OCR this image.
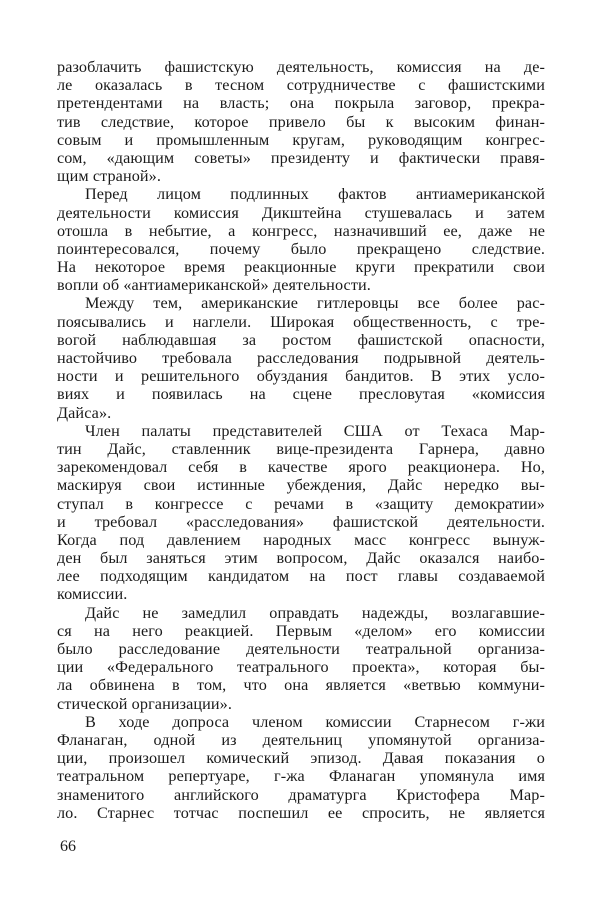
разоблачить фашистскую деятельность, комиссия на де-
ле оказалась в тесном сотрудничестве с фашистскими
претендентами на власть; она покрыла заговор, прекра-
тив следствие, которое привело бы к высоким финан-
совым и промышленным кругам, руководящим конгрес-
сом, «дающим советы» президенту и фактически правя-
щим страной».
Перед лицом подлинных фактов антиамериканской
деятельности комиссия Дикштейна стушевалась и затем
отошла в небытие, а конгресс, назначивший ее, даже не
поинтересовался, почему было прекращено следствие.
На некоторое время реакционные круги прекратили свои
вопли об «антиамериканской» деятельности.
Между тем, американские гитлеровцы все более рас-
поясывались и наглели. Широкая общественность, с тре-
вогой наблюдавшая за ростом фашистской опасности,
настойчиво требовала расследования подрывной деятель-
ности и решительного обуздания бандитов. В этих усло-
виях и появилась на сцене пресловутая «комиссия
Дайса».
Член палаты представителей США от Техаса Мар-
тин Дайс, ставленник вице-президента Гарнера, давно
зарекомендовал себя в качестве ярого реакционера. Но,
маскируя свои истинные убеждения, Дайс нередко вы-
ступал в конгрессе с речами в «защиту демократии»
и требовал «расследования» фашистской деятельности.
Когда под давлением народных масс конгресс вынуж-
ден был заняться этим вопросом, Дайс оказался наибо-
лее подходящим кандидатом на пост главы создаваемой
комиссии.
Дайс не замедлил оправдать надежды, возлагавшие-
ся на него реакцией. Первым «делом» его комиссии
было расследование деятельности театральной организа-
ции «Федерального театрального проекта», которая бы-
ла обвинена в том, что она является «ветвью коммуни-
стической организации».
В ходе допроса членом комиссии Старнесом г-жи
Фланаган, одной из деятельниц упомянутой организа-
ции, произошел комический эпизод. Давая показания о
театральном репертуаре, г-жа Фланаган упомянула имя
знаменитого английского драматурга Кристофера Мар-
ло. Старнес тотчас поспешил ее спросить, не является
66
